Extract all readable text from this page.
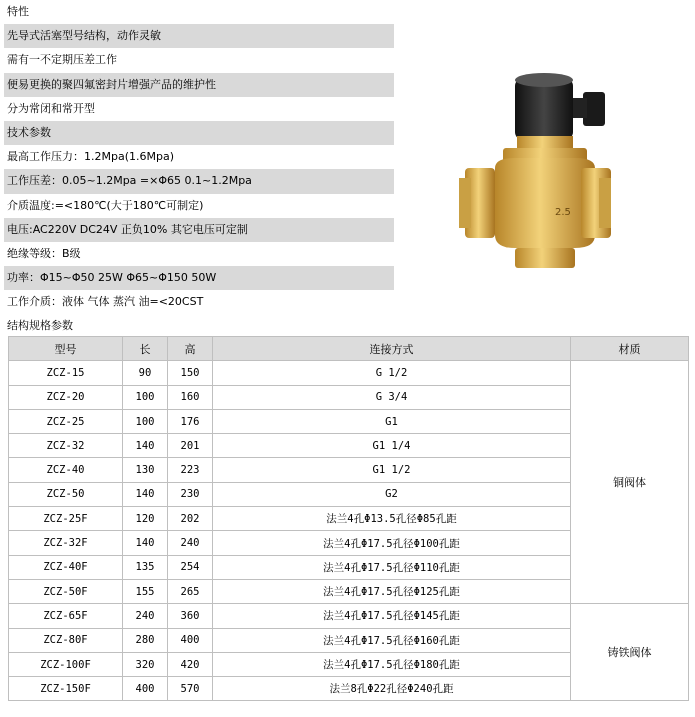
特性
先导式活塞型号结构，动作灵敏
需有一不定期压差工作
便易更换的聚四氟密封片增强产品的维护性
分为常闭和常开型
技术参数
最高工作压力：1.2Mpa(1.6Mpa)
工作压差：0.05~1.2Mpa =×Φ65 0.1~1.2Mpa
介质温度:=<180℃(大于180℃可制定)
电压:AC220V DC24V 正负10% 其它电压可定制
绝缘等级：B级
功率：Φ15~Φ50 25W Φ65~Φ150 50W
工作介质：液体 气体 蒸汽 油=<20CST
结构规格参数
2.5
型号	长	高	连接方式	材质
ZCZ-15	90	150	G 1/2	铜阀体
ZCZ-20	100	160	G 3/4	
ZCZ-25	100	176	G1	
ZCZ-32	140	201	G1 1/4	
ZCZ-40	130	223	G1 1/2	
ZCZ-50	140	230	G2	
ZCZ-25F	120	202	法兰4孔Φ13.5孔径Φ85孔距	
ZCZ-32F	140	240	法兰4孔Φ17.5孔径Φ100孔距	
ZCZ-40F	135	254	法兰4孔Φ17.5孔径Φ110孔距	
ZCZ-50F	155	265	法兰4孔Φ17.5孔径Φ125孔距	
ZCZ-65F	240	360	法兰4孔Φ17.5孔径Φ145孔距	铸铁阀体
ZCZ-80F	280	400	法兰4孔Φ17.5孔径Φ160孔距	
ZCZ-100F	320	420	法兰4孔Φ17.5孔径Φ180孔距	
ZCZ-150F	400	570	法兰8孔Φ22孔径Φ240孔距	
